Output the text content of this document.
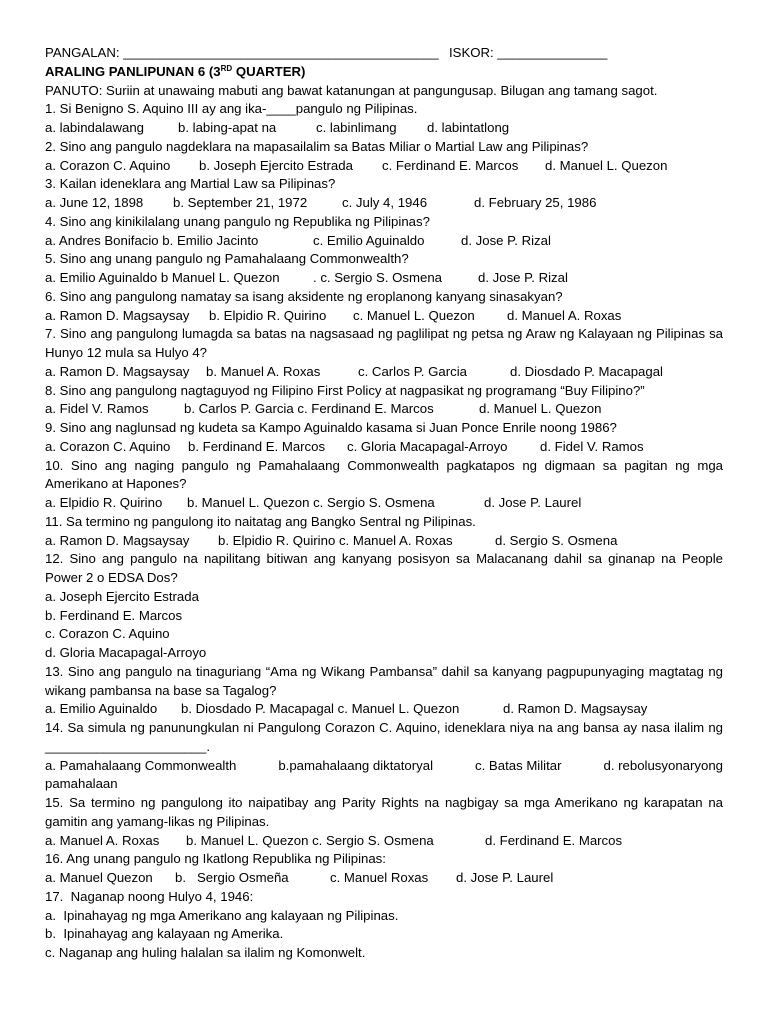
PANGALAN: ___________________________________________ ISKOR: _______________
ARALING PANLIPUNAN 6 (3RD QUARTER)
PANUTO: Suriin at unawaing mabuti ang bawat katanungan at pangungusap. Bilugan ang tamang sagot.
1. Si Benigno S. Aquino III ay ang ika-____pangulo ng Pilipinas.
a. labindalawang	b. labing-apat na	c. labinlimang d. labintatlong
2. Sino ang pangulo nagdeklara na mapasailalim sa Batas Miliar o Martial Law ang Pilipinas?
a. Corazon C. Aquino b. Joseph Ejercito Estrada c. Ferdinand E. Marcos d. Manuel L. Quezon
3. Kailan ideneklara ang Martial Law sa Pilipinas?
a. June 12, 1898 b. September 21, 1972	c. July 4, 1946	d. February 25, 1986
4. Sino ang kinikilalang unang pangulo ng Republika ng Pilipinas?
a. Andres Bonifacio b. Emilio Jacinto	c. Emilio Aguinaldo	d. Jose P. Rizal
5. Sino ang unang pangulo ng Pamahalaang Commonwealth?
a. Emilio Aguinaldo b Manuel L. Quezon	. c. Sergio S. Osmena	d. Jose P. Rizal
6. Sino ang pangulong namatay sa isang aksidente ng eroplanong kanyang sinasakyan?
a. Ramon D. Magsaysay b. Elpidio R. Quirino c. Manuel L. Quezon d. Manuel A. Roxas
7. Sino ang pangulong lumagda sa batas na nagsasaad ng paglilipat ng petsa ng Araw ng Kalayaan ng Pilipinas sa Hunyo 12 mula sa Hulyo 4?
a. Ramon D. Magsaysay b. Manuel A. Roxas	c. Carlos P. Garcia	d. Diosdado P. Macapagal
8. Sino ang pangulong nagtaguyod ng Filipino First Policy at nagpasikat ng programang “Buy Filipino?”
a. Fidel V. Ramos	b. Carlos P. Garcia c. Ferdinand E. Marcos	d. Manuel L. Quezon
9. Sino ang naglunsad ng kudeta sa Kampo Aguinaldo kasama si Juan Ponce Enrile noong 1986?
a. Corazon C. Aquino b. Ferdinand E. Marcos c. Gloria Macapagal-Arroyo d. Fidel V. Ramos
10. Sino ang naging pangulo ng Pamahalaang Commonwealth pagkatapos ng digmaan sa pagitan ng mga Amerikano at Hapones?
a. Elpidio R. Quirino b. Manuel L. Quezon c. Sergio S. Osmena	d. Jose P. Laurel
11. Sa termino ng pangulong ito naitatag ang Bangko Sentral ng Pilipinas.
a. Ramon D. Magsaysay b. Elpidio R. Quirino c. Manuel A. Roxas	d. Sergio S. Osmena
12. Sino ang pangulo na napilitang bitiwan ang kanyang posisyon sa Malacanang dahil sa ginanap na People Power 2 o EDSA Dos?
a. Joseph Ejercito Estrada
b. Ferdinand E. Marcos
c. Corazon C. Aquino
d. Gloria Macapagal-Arroyo
13. Sino ang pangulo na tinaguriang “Ama ng Wikang Pambansa” dahil sa kanyang pagpupunyaging magtatag ng wikang pambansa na base sa Tagalog?
a. Emilio Aguinaldo b. Diosdado P. Macapagal c. Manuel L. Quezon	d. Ramon D. Magsaysay
14. Sa simula ng panunungkulan ni Pangulong Corazon C. Aquino, ideneklara niya na ang bansa ay nasa ilalim ng ______________________.
a. Pamahalaang Commonwealth	b.pamahalaang diktatoryal	c. Batas Militar	d. rebolusyonaryong
pamahalaan
15. Sa termino ng pangulong ito naipatibay ang Parity Rights na nagbigay sa mga Amerikano ng karapatan na gamitin ang yamang-likas ng Pilipinas.
a. Manuel A. Roxas b. Manuel L. Quezon c. Sergio S. Osmena	d. Ferdinand E. Marcos
16. Ang unang pangulo ng Ikatlong Republika ng Pilipinas:
a. Manuel Quezon b.   Sergio Osmeña	c. Manuel Roxas d. Jose P. Laurel
17.  Naganap noong Hulyo 4, 1946:
a.  Ipinahayag ng mga Amerikano ang kalayaan ng Pilipinas.
b.  Ipinahayag ang kalayaan ng Amerika.
c. Naganap ang huling halalan sa ilalim ng Komonwelt.
